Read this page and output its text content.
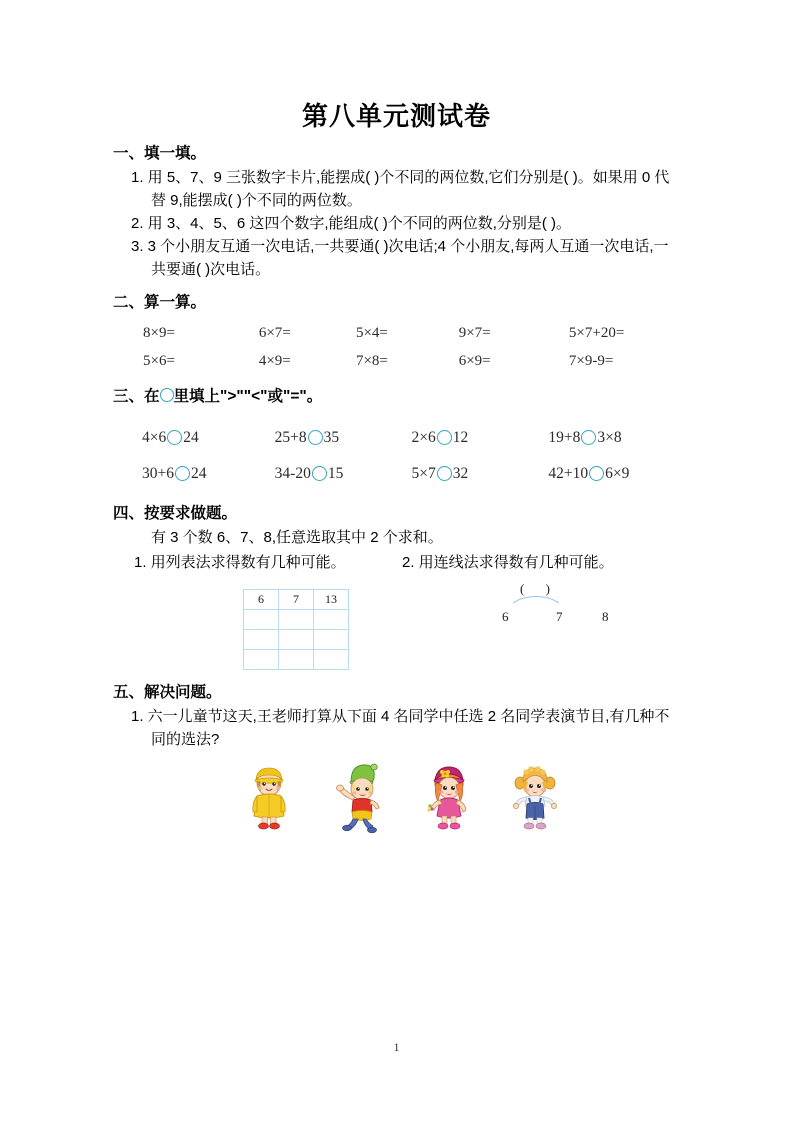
第八单元测试卷

一、填一填。

1. 用 5、7、9 三张数字卡片,能摆成( )个不同的两位数,它们分别是( )。如果用 0 代替 9,能摆成( )个不同的两位数。

2. 用 3、4、5、6 这四个数字,能组成( )个不同的两位数,分别是( )。

3. 3 个小朋友互通一次电话,一共要通( )次电话;4 个小朋友,每两人互通一次电话,一共要通( )次电话。

二、算一算。

8×9=	6×7=	5×4=	9×7=	5×7+20=
5×6=	4×9=	7×8=	6×9=	7×9-9=

三、在 里填上">""<"或"="。

4×6 24	25+8 35	2×6 12	19+8 3×8
30+6 24	34-20 15	5×7 32	42+10 6×9

四、按要求做题。

有 3 个数 6、7、8,任意选取其中 2 个求和。

1. 用列表法求得数有几种可能。	2. 用连线法求得数有几种可能。
6	7	13

( )
6	7	8

五、解决问题。

1. 六一儿童节这天,王老师打算从下面 4 名同学中任选 2 名同学表演节目,有几种不同的选法?

1
